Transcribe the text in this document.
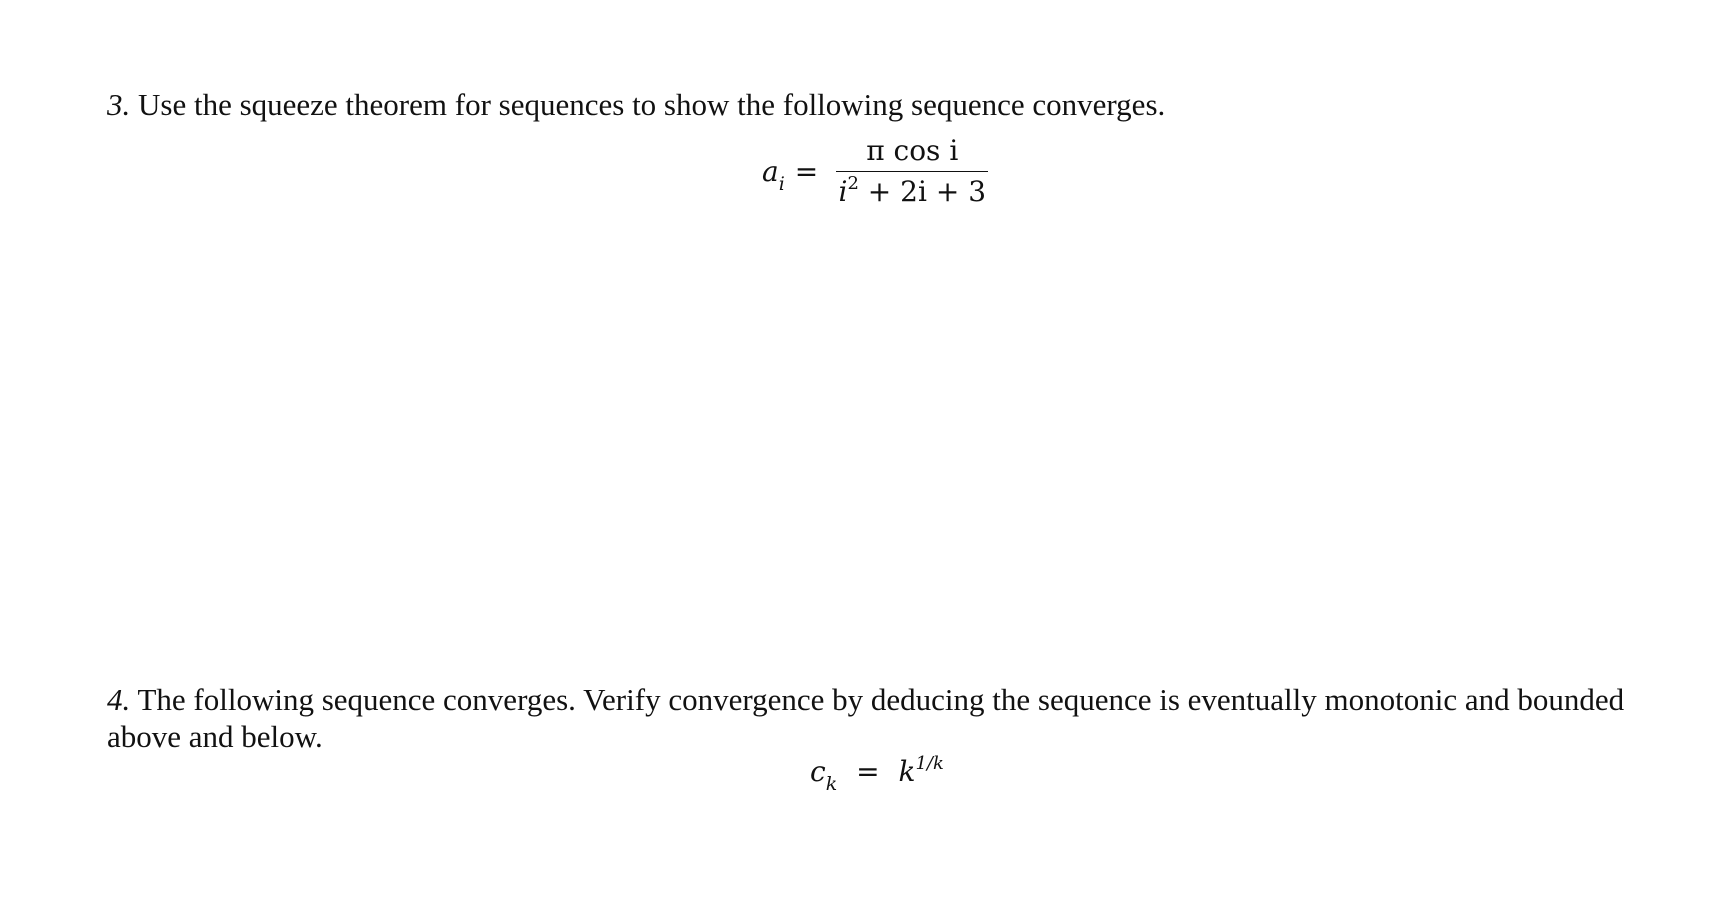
3. Use the squeeze theorem for sequences to show the following sequence converges.
$a_i = \frac{\text{π cos i}}{i^2 + 2i + 3}$
4. The following sequence converges. Verify convergence by deducing the sequence is eventually monotonic and bounded above and below.
$c_k = k^{1/k}$
